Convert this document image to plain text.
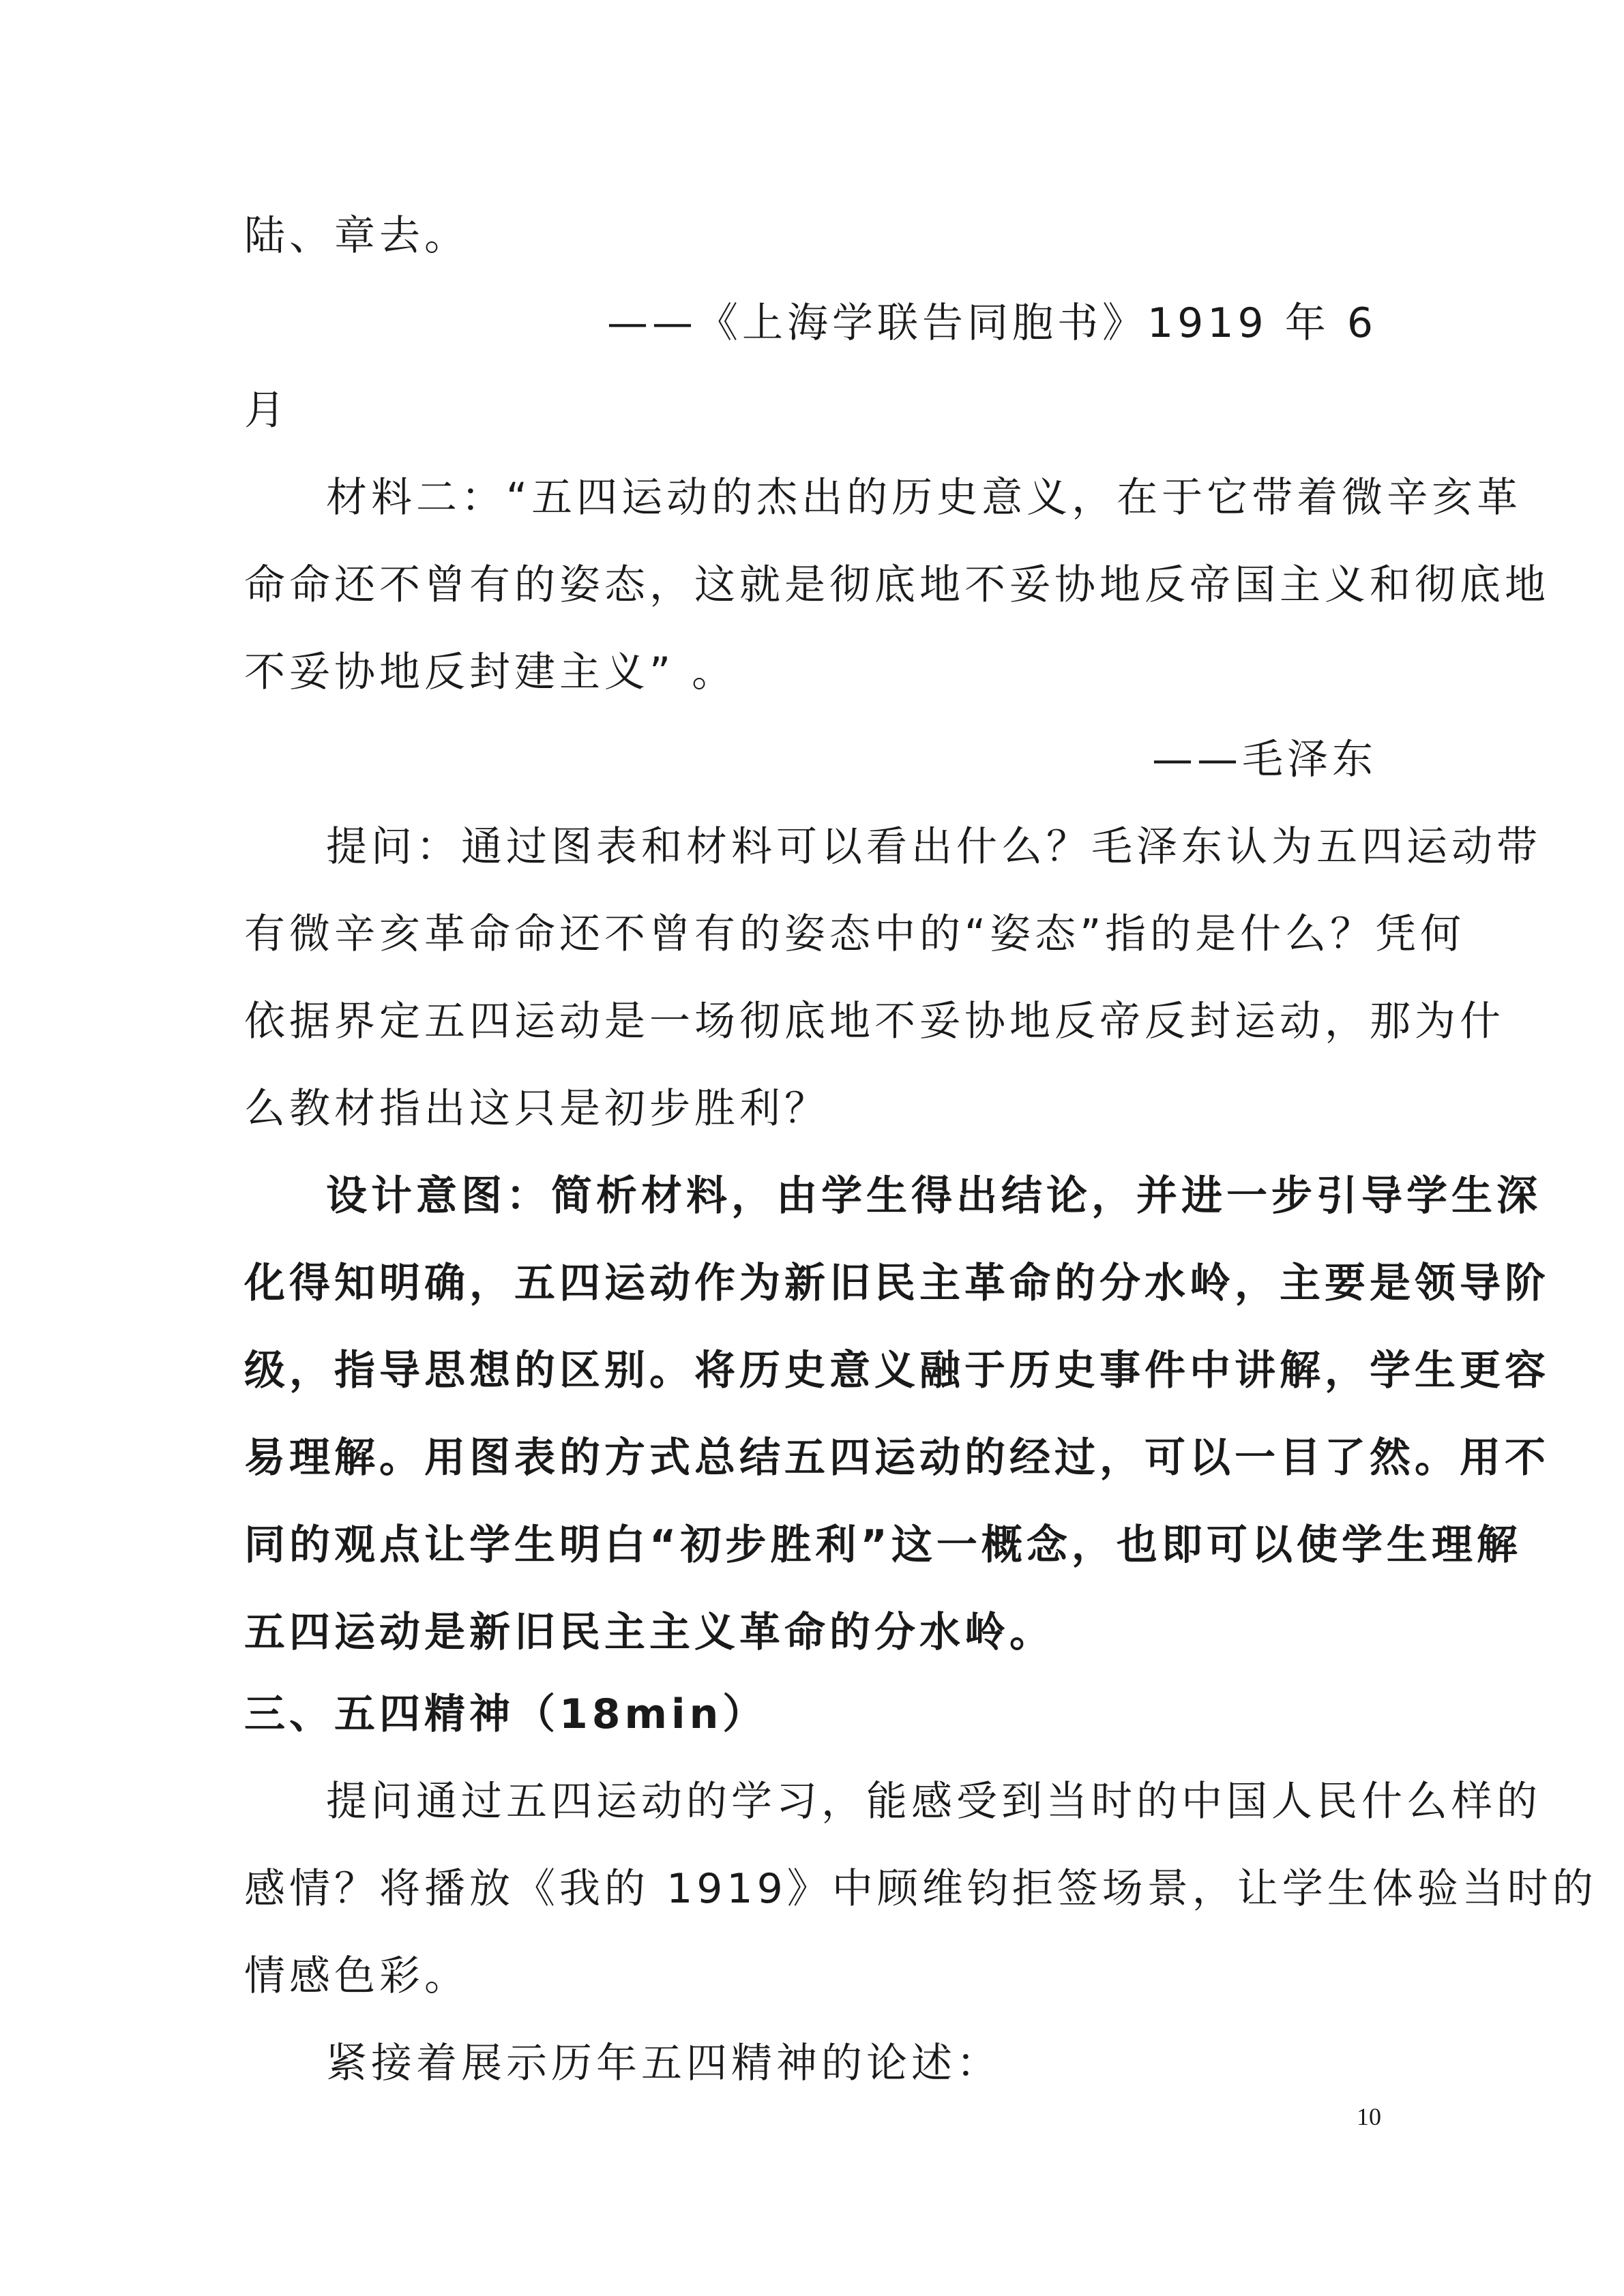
陆、章去。
——《上海学联告同胞书》1919 年 6
月
材料二：“五四运动的杰出的历史意义，在于它带着微辛亥革
命命还不曾有的姿态，这就是彻底地不妥协地反帝国主义和彻底地
不妥协地反封建主义” 。
——毛泽东
提问：通过图表和材料可以看出什么？毛泽东认为五四运动带
有微辛亥革命命还不曾有的姿态中的“姿态”指的是什么？凭何
依据界定五四运动是一场彻底地不妥协地反帝反封运动，那为什
么教材指出这只是初步胜利？
设计意图：简析材料，由学生得出结论，并进一步引导学生深
化得知明确，五四运动作为新旧民主革命的分水岭，主要是领导阶
级，指导思想的区别。将历史意义融于历史事件中讲解，学生更容
易理解。用图表的方式总结五四运动的经过，可以一目了然。用不
同的观点让学生明白“初步胜利”这一概念，也即可以使学生理解
五四运动是新旧民主主义革命的分水岭。
三、五四精神（18min）
提问通过五四运动的学习，能感受到当时的中国人民什么样的
感情？将播放《我的 1919》中顾维钧拒签场景，让学生体验当时的
情感色彩。
紧接着展示历年五四精神的论述：
10
